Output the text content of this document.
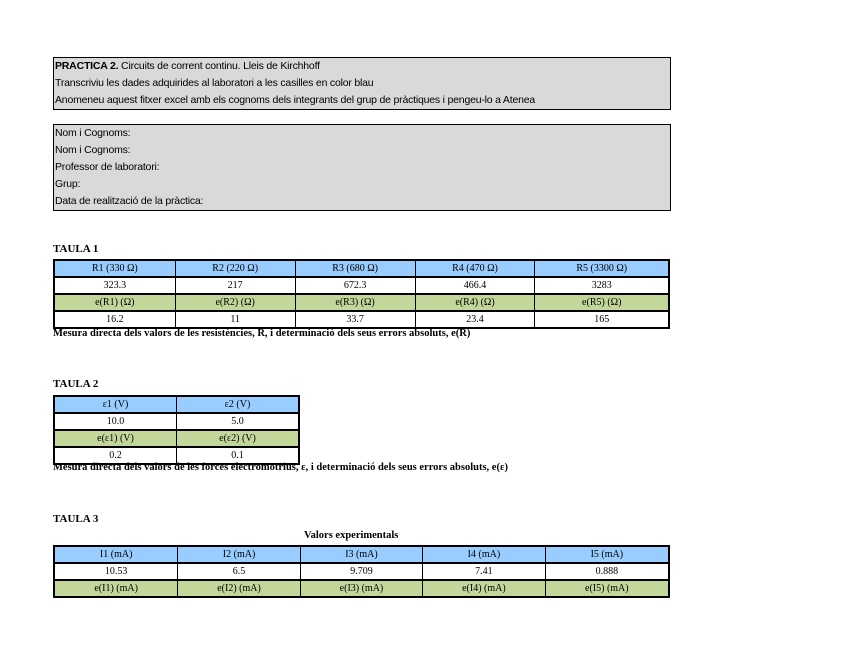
PRACTICA 2. Circuits de corrent continu. Lleis de Kirchhoff
Transcriviu les dades adquirides al laboratori a les casilles en color blau
Anomeneu aquest fitxer excel amb els cognoms dels integrants del grup de pràctiques i pengeu-lo a Atenea
Nom i Cognoms:
Nom i Cognoms:
Professor de laboratori:
Grup:
Data de realització de la pràctica:
TAULA 1
R1 (330 Ω)	R2 (220 Ω)	R3 (680 Ω)	R4 (470 Ω)	R5 (3300 Ω)
323.3	217	672.3	466.4	3283
e(R1) (Ω)	e(R2) (Ω)	e(R3) (Ω)	e(R4) (Ω)	e(R5) (Ω)
16.2	11	33.7	23.4	165
Mesura directa dels valors de les resistències, R, i determinació dels seus errors absoluts, e(R)
TAULA 2
ε1 (V)	ε2 (V)
10.0	5.0
e(ε1) (V)	e(ε2) (V)
0.2	0.1
Mesura directa dels valors de les forces electromotrius, ε, i determinació dels seus errors absoluts, e(ε)
TAULA 3
Valors experimentals
I1 (mA)	I2 (mA)	I3 (mA)	I4 (mA)	I5 (mA)
10.53	6.5	9.709	7.41	0.888
e(I1) (mA)	e(I2) (mA)	e(I3) (mA)	e(I4) (mA)	e(I5) (mA)
